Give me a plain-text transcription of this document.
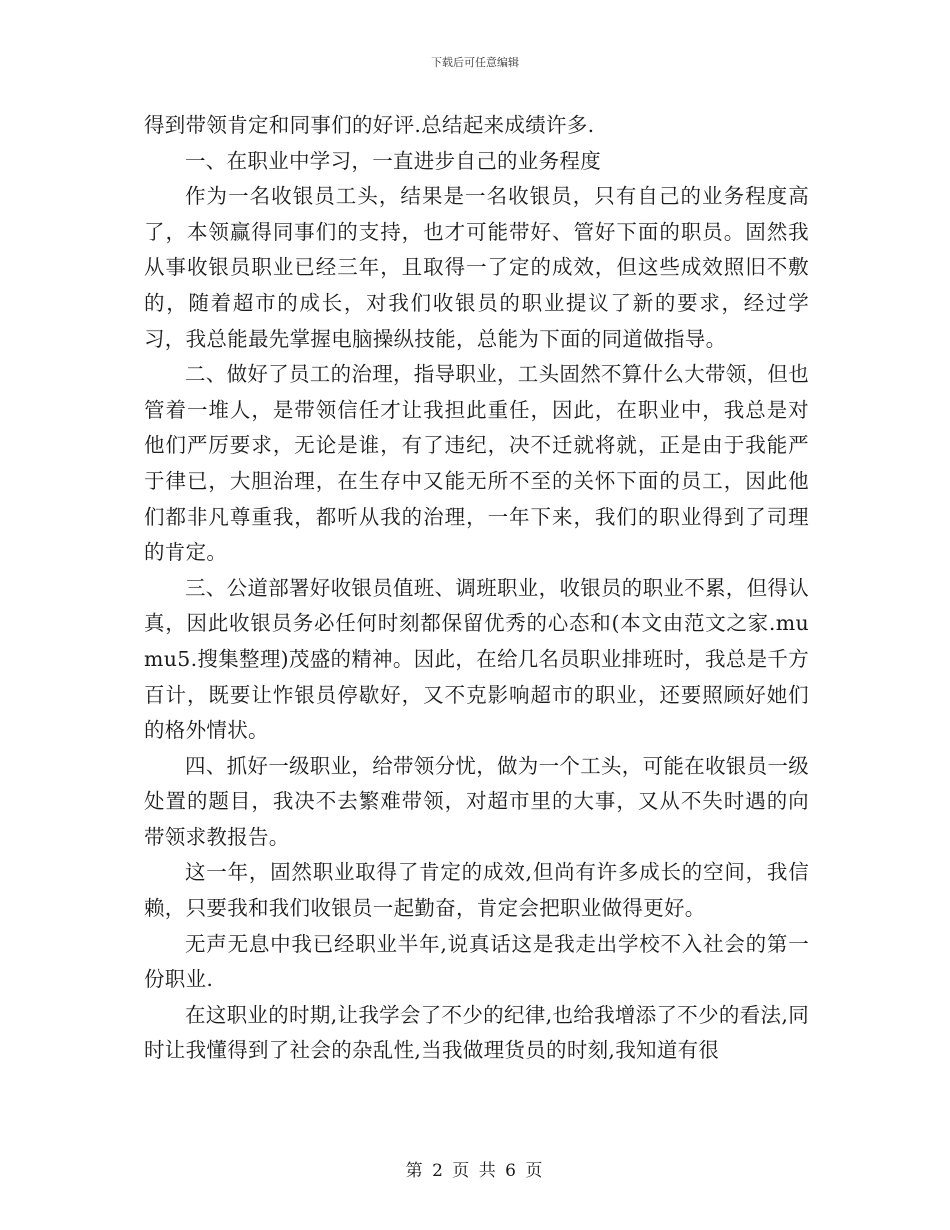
下载后可任意编辑

得到带领肯定和同事们的好评.总结起来成绩许多.

一、在职业中学习，一直进步自己的业务程度

作为一名收银员工头，结果是一名收银员，只有自己的业务程度高了，本领赢得同事们的支持，也才可能带好、管好下面的职员。固然我从事收银员职业已经三年，且取得一了定的成效，但这些成效照旧不敷的，随着超市的成长，对我们收银员的职业提议了新的要求，经过学习，我总能最先掌握电脑操纵技能，总能为下面的同道做指导。

二、做好了员工的治理，指导职业，工头固然不算什么大带领，但也管着一堆人，是带领信任才让我担此重任，因此，在职业中，我总是对他们严厉要求，无论是谁，有了违纪，决不迁就将就，正是由于我能严于律已，大胆治理，在生存中又能无所不至的关怀下面的员工，因此他们都非凡尊重我，都听从我的治理，一年下来，我们的职业得到了司理的肯定。

三、公道部署好收银员值班、调班职业，收银员的职业不累，但得认真，因此收银员务必任何时刻都保留优秀的心态和(本文由范文之家.mumu5.搜集整理)茂盛的精神。因此，在给几名员职业排班时，我总是千方百计，既要让怍银员停歇好，又不克影响超市的职业，还要照顾好她们的格外情状。

四、抓好一级职业，给带领分忧，做为一个工头，可能在收银员一级处置的题目，我决不去繁难带领，对超市里的大事，又从不失时遇的向带领求教报告。

这一年，固然职业取得了肯定的成效,但尚有许多成长的空间，我信赖，只要我和我们收银员一起勤奋，肯定会把职业做得更好。

无声无息中我已经职业半年,说真话这是我走出学校不入社会的第一份职业.

在这职业的时期,让我学会了不少的纪律,也给我增添了不少的看法,同时让我懂得到了社会的杂乱性,当我做理货员的时刻,我知道有很

第 2 页 共 6 页
